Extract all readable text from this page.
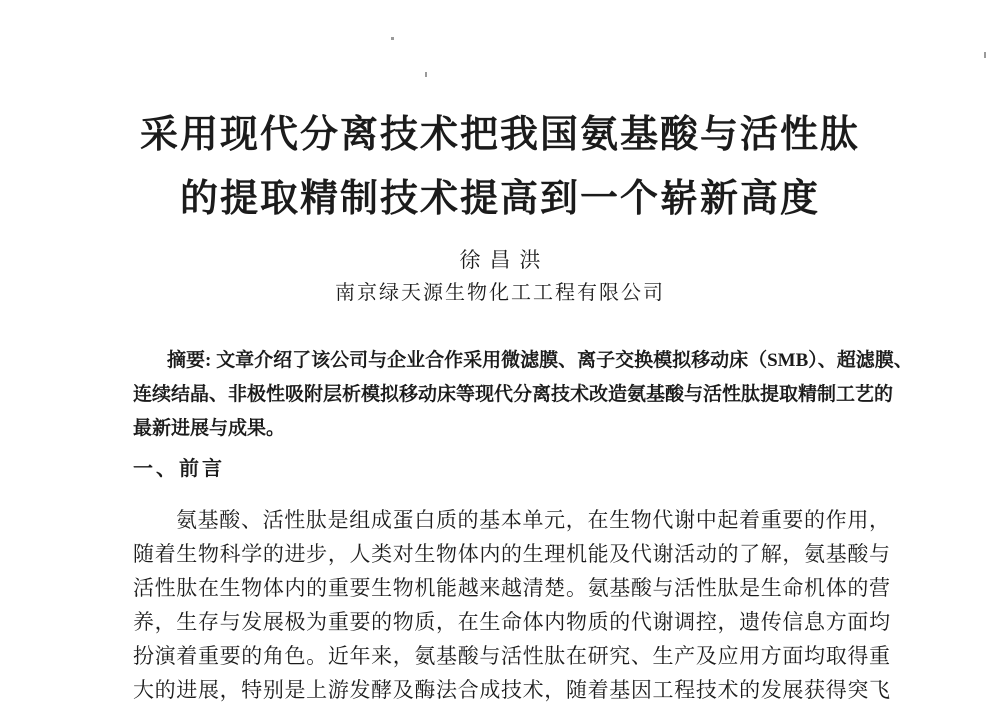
采用现代分离技术把我国氨基酸与活性肽
的提取精制技术提高到一个崭新高度
徐昌洪
南京绿天源生物化工工程有限公司
摘要: 文章介绍了该公司与企业合作采用微滤膜、离子交换模拟移动床（SMB）、超滤膜、
连续结晶、非极性吸附层析模拟移动床等现代分离技术改造氨基酸与活性肽提取精制工艺的
最新进展与成果。
一、前言
氨基酸、活性肽是组成蛋白质的基本单元，在生物代谢中起着重要的作用，
随着生物科学的进步，人类对生物体内的生理机能及代谢活动的了解，氨基酸与
活性肽在生物体内的重要生物机能越来越清楚。氨基酸与活性肽是生命机体的营
养，生存与发展极为重要的物质，在生命体内物质的代谢调控，遗传信息方面均
扮演着重要的角色。近年来，氨基酸与活性肽在研究、生产及应用方面均取得重
大的进展，特别是上游发酵及酶法合成技术，随着基因工程技术的发展获得突飞
